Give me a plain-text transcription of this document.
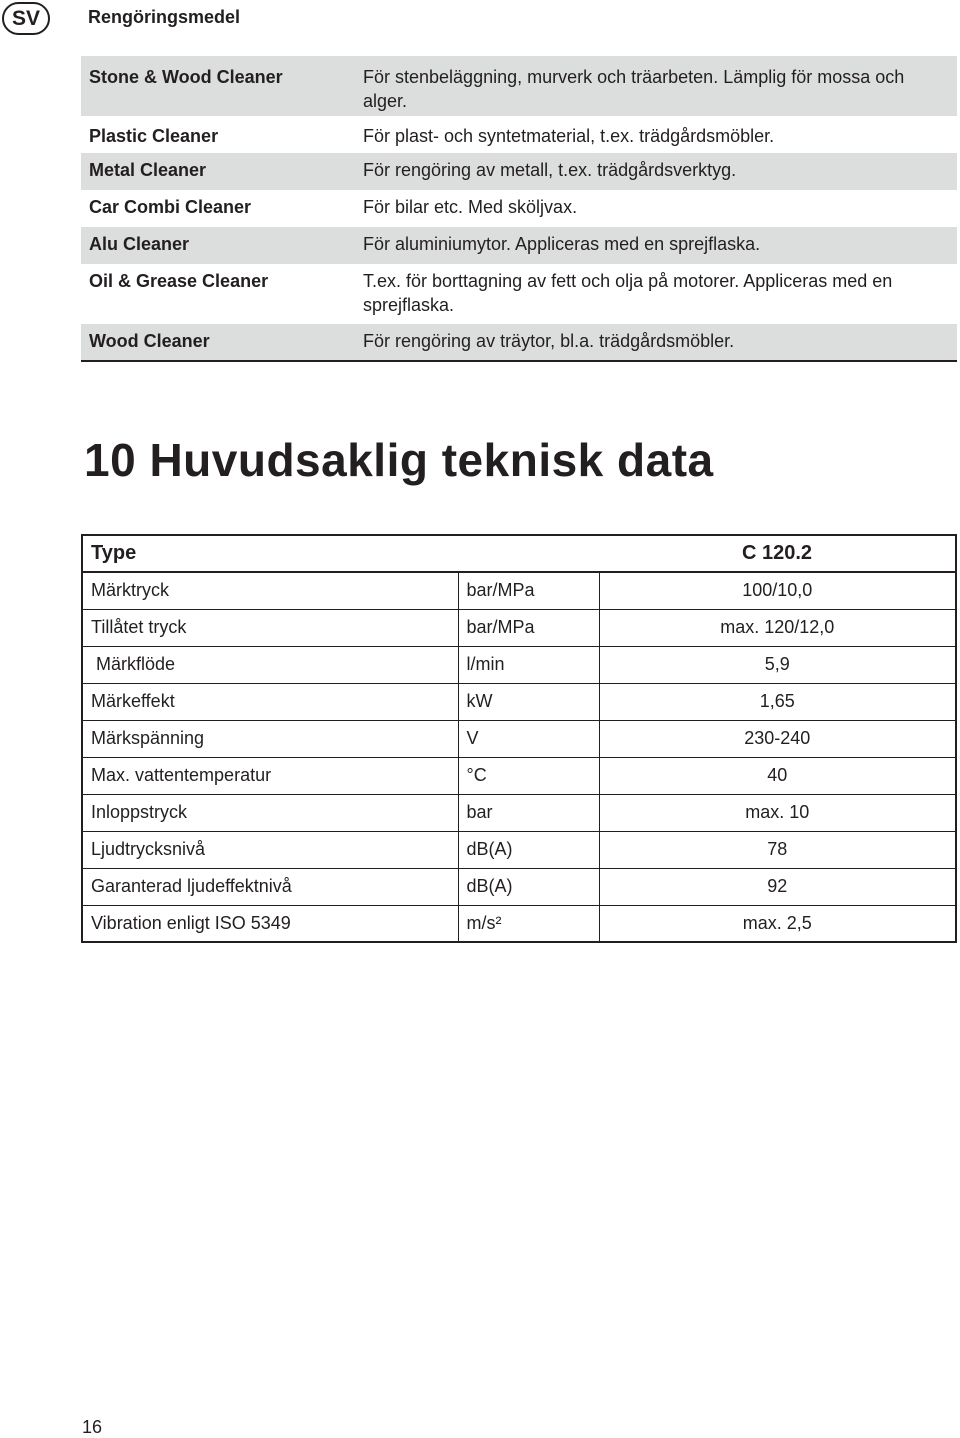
SV	Rengöringsmedel
Stone & Wood Cleaner	För stenbeläggning, murverk och träarbeten. Lämplig för mossa och alger.
Plastic Cleaner	För plast- och syntetmaterial, t.ex. trädgårdsmöbler.
Metal Cleaner	För rengöring av metall, t.ex. trädgårdsverktyg.
Car Combi Cleaner	För bilar etc. Med sköljvax.
Alu Cleaner	För aluminiumytor. Appliceras med en sprejflaska.
Oil & Grease Cleaner	T.ex. för borttagning av fett och olja på motorer. Appliceras med en sprejflaska.
Wood Cleaner	För rengöring av träytor, bl.a. trädgårdsmöbler.
10 Huvudsaklig teknisk data
Type		C 120.2
Märktryck	bar/MPa	100/10,0
Tillåtet tryck	bar/MPa	max. 120/12,0
Märkflöde	l/min	5,9
Märkeffekt	kW	1,65
Märkspänning	V	230-240
Max. vattentemperatur	°C	40
Inloppstryck	bar	max. 10
Ljudtrycksnivå	dB(A)	78
Garanterad ljudeffektnivå	dB(A)	92
Vibration enligt ISO 5349	m/s²	max. 2,5
16
